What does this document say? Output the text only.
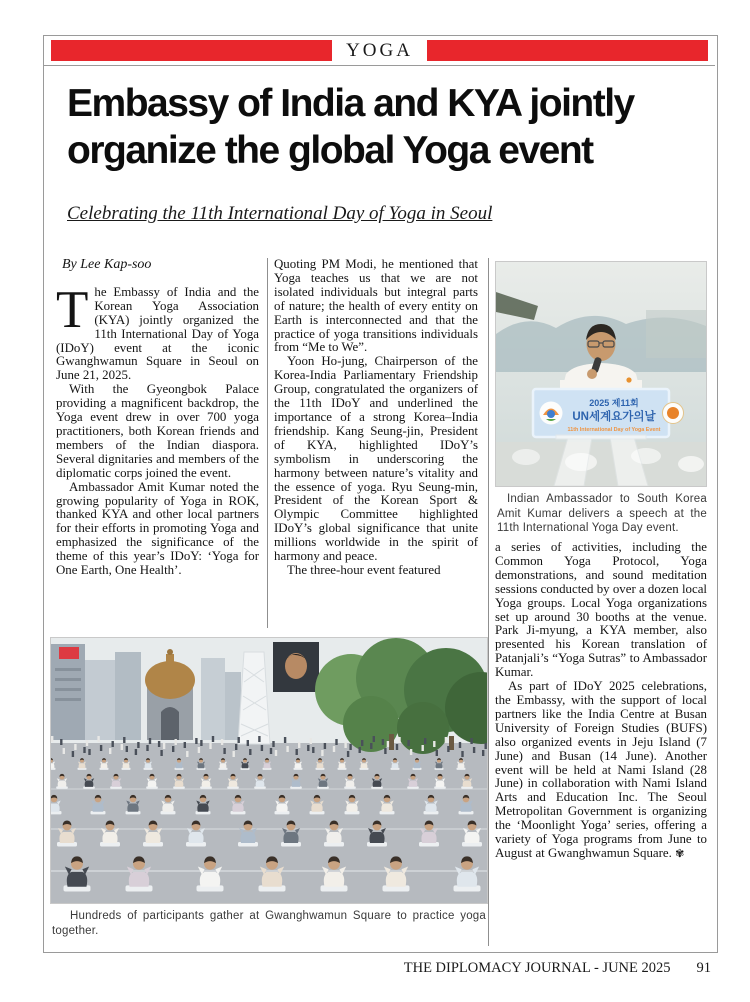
YOGA
Embassy of India and KYA jointly organize the global Yoga event
Celebrating the 11th International Day of Yoga in Seoul
By Lee Kap-soo

The Embassy of India and the Korean Yoga Association (KYA) jointly organized the 11th International Day of Yoga (IDoY) event at the iconic Gwanghwamun Square in Seoul on June 21, 2025.

With the Gyeongbok Palace providing a magnificent backdrop, the Yoga event drew in over 700 yoga practitioners, both Korean friends and members of the Indian diaspora. Several dignitaries and members of the diplomatic corps joined the event.

Ambassador Amit Kumar noted the growing popularity of Yoga in ROK, thanked KYA and other local partners for their efforts in promoting Yoga and emphasized the significance of the theme of this year’s IDoY: ‘Yoga for One Earth, One Health’.

Quoting PM Modi, he mentioned that Yoga teaches us that we are not isolated individuals but integral parts of nature; the health of every entity on Earth is interconnected and that the practice of yoga transitions individuals from “Me to We”.

Yoon Ho-jung, Chairperson of the Korea-India Parliamentary Friendship Group, congratulated the organizers of the 11th IDoY and underlined the importance of a strong Korea–India friendship. Kang Seung-jin, President of KYA, highlighted IDoY’s symbolism in underscoring the harmony between nature’s vitality and the essence of yoga. Ryu Seung-min, President of the Korean Sport & Olympic Committee highlighted IDoY’s global significance that unite millions worldwide in the spirit of harmony and peace.

The three-hour event featured

2025 제11회
UN세계요가의날
11th International Day of Yoga Event
Indian Ambassador to South Korea Amit Kumar delivers a speech at the 11th International Yoga Day event.

a series of activities, including the Common Yoga Protocol, Yoga demonstrations, and sound meditation sessions conducted by over a dozen local Yoga groups. Local Yoga organizations set up around 30 booths at the venue. Park Ji-myung, a KYA member, also presented his Korean translation of Patanjali’s “Yoga Sutras” to Ambassador Kumar.

As part of IDoY 2025 celebrations, the Embassy, with the support of local partners like the India Centre at Busan University of Foreign Studies (BUFS) also organized events in Jeju Island (7 June) and Busan (14 June). Another event will be held at Nami Island (28 June) in collaboration with Nami Island Arts and Education Inc. The Seoul Metropolitan Government is organizing the ‘Moonlight Yoga’ series, offering a variety of Yoga programs from June to August at Gwanghwamun Square. ✾

Hundreds of participants gather at Gwanghwamun Square to practice yoga together.
THE DIPLOMACY JOURNAL - JUNE 2025 91
